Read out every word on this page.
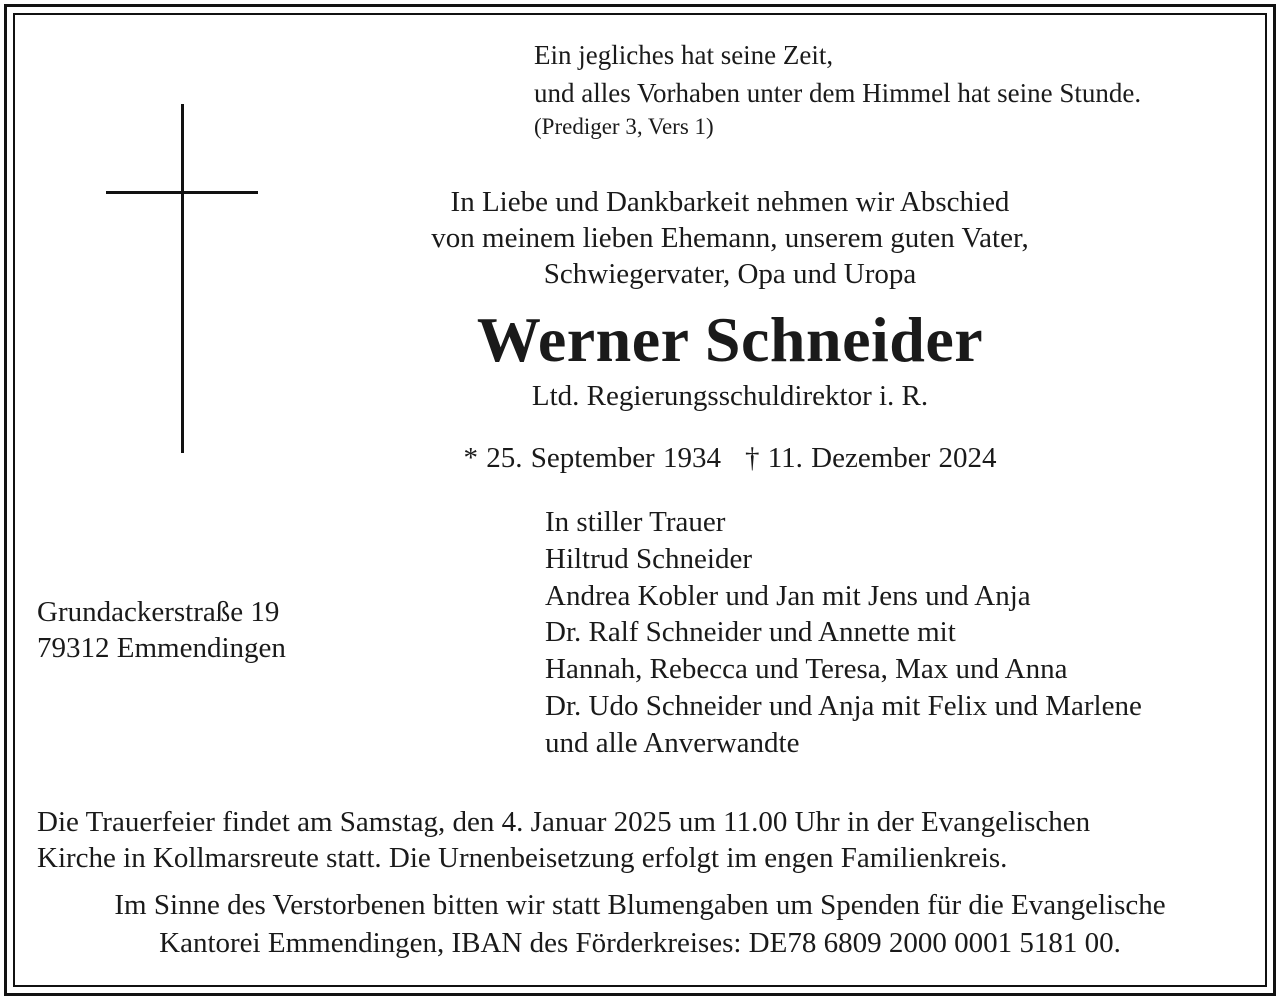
Ein jegliches hat seine Zeit,
und alles Vorhaben unter dem Himmel hat seine Stunde.
(Prediger 3, Vers 1)
In Liebe und Dankbarkeit nehmen wir Abschied
von meinem lieben Ehemann, unserem guten Vater,
Schwiegervater, Opa und Uropa
Werner Schneider
Ltd. Regierungsschuldirektor i. R.
* 25. September 1934 † 11. Dezember 2024
Grundackerstraße 19
79312 Emmendingen
In stiller Trauer
Hiltrud Schneider
Andrea Kobler und Jan mit Jens und Anja
Dr. Ralf Schneider und Annette mit
Hannah, Rebecca und Teresa, Max und Anna
Dr. Udo Schneider und Anja mit Felix und Marlene
und alle Anverwandte
Die Trauerfeier findet am Samstag, den 4. Januar 2025 um 11.00 Uhr in der Evangelischen
Kirche in Kollmarsreute statt. Die Urnenbeisetzung erfolgt im engen Familienkreis.
Im Sinne des Verstorbenen bitten wir statt Blumengaben um Spenden für die Evangelische
Kantorei Emmendingen, IBAN des Förderkreises: DE78 6809 2000 0001 5181 00.
